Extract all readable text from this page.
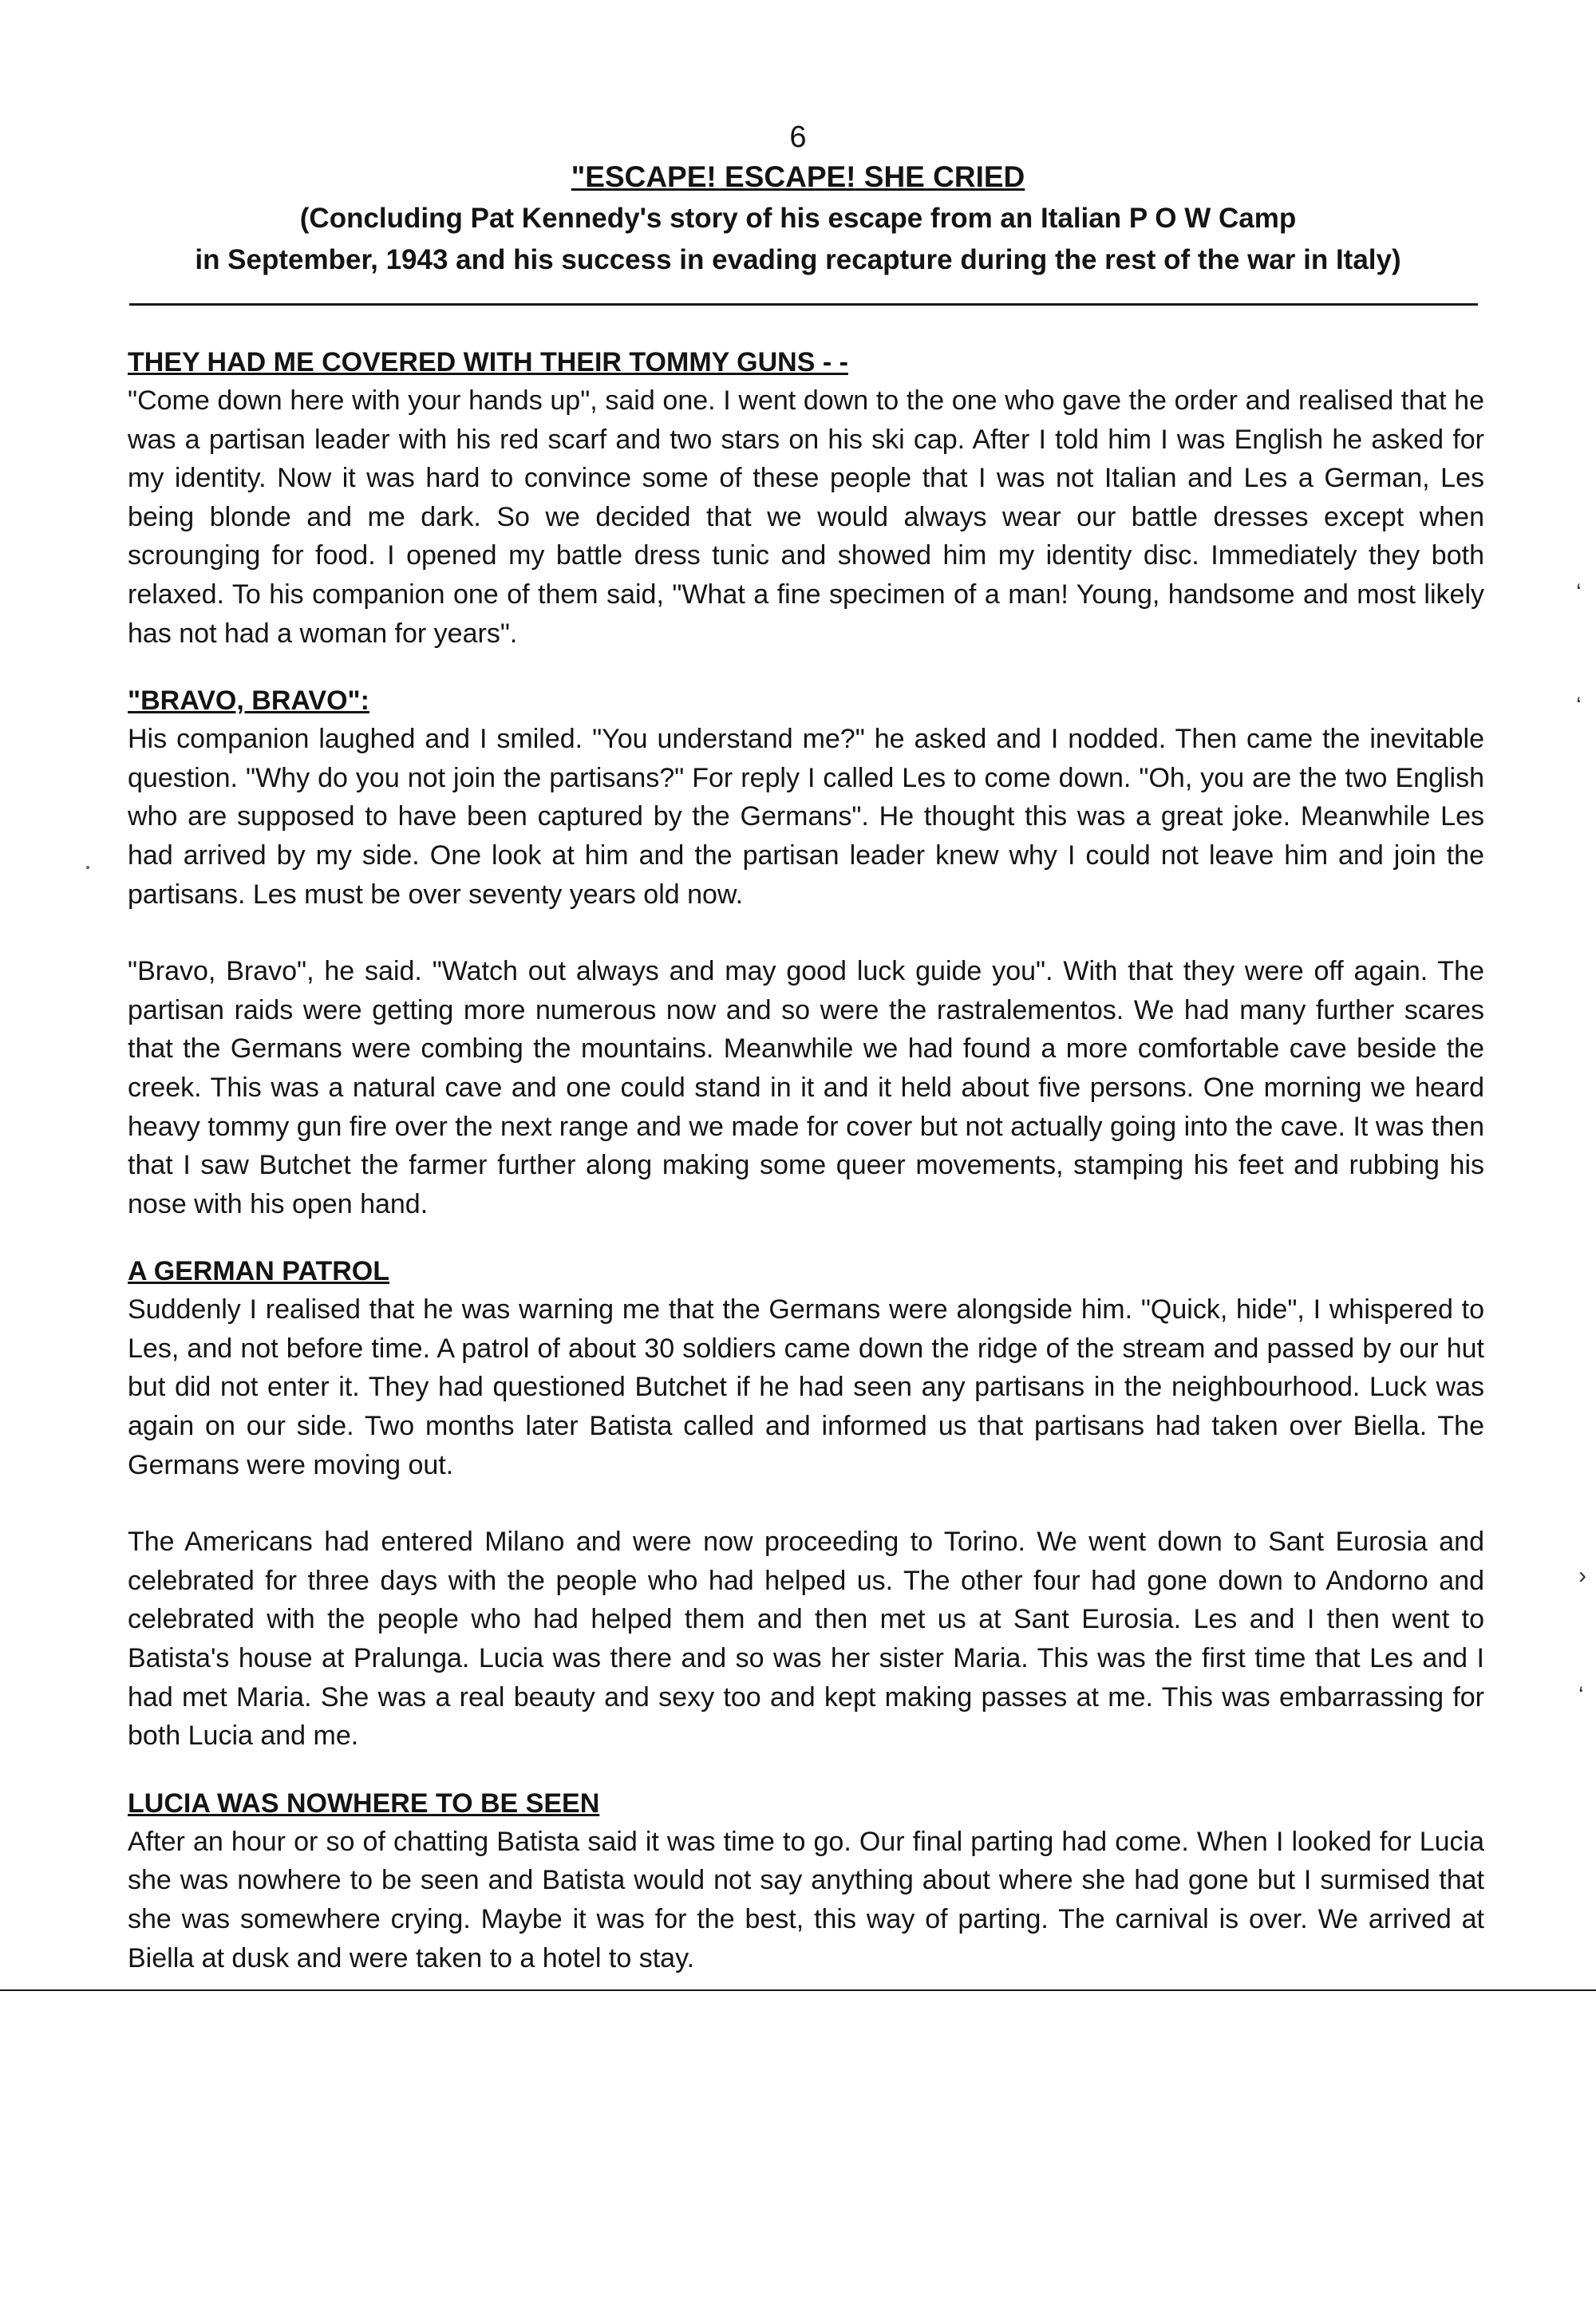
6
"ESCAPE! ESCAPE! SHE CRIED
(Concluding Pat Kennedy's story of his escape from an Italian P O W Camp
in September, 1943 and his success in evading recapture during the rest of the war in Italy)

THEY HAD ME COVERED WITH THEIR TOMMY GUNS - -

"Come down here with your hands up", said one. I went down to the one who gave the order and realised that he was a partisan leader with his red scarf and two stars on his ski cap. After I told him I was English he asked for my identity. Now it was hard to convince some of these people that I was not Italian and Les a German, Les being blonde and me dark. So we decided that we would always wear our battle dresses except when scrounging for food. I opened my battle dress tunic and showed him my identity disc. Immediately they both relaxed. To his companion one of them said, "What a fine specimen of a man! Young, handsome and most likely has not had a woman for years".

"BRAVO, BRAVO":

His companion laughed and I smiled. "You understand me?" he asked and I nodded. Then came the inevitable question. "Why do you not join the partisans?" For reply I called Les to come down. "Oh, you are the two English who are supposed to have been captured by the Germans". He thought this was a great joke. Meanwhile Les had arrived by my side. One look at him and the partisan leader knew why I could not leave him and join the partisans. Les must be over seventy years old now.

"Bravo, Bravo", he said. "Watch out always and may good luck guide you". With that they were off again. The partisan raids were getting more numerous now and so were the rastralementos. We had many further scares that the Germans were combing the mountains. Meanwhile we had found a more comfortable cave beside the creek. This was a natural cave and one could stand in it and it held about five persons. One morning we heard heavy tommy gun fire over the next range and we made for cover but not actually going into the cave. It was then that I saw Butchet the farmer further along making some queer movements, stamping his feet and rubbing his nose with his open hand.

A GERMAN PATROL

Suddenly I realised that he was warning me that the Germans were alongside him. "Quick, hide", I whispered to Les, and not before time. A patrol of about 30 soldiers came down the ridge of the stream and passed by our hut but did not enter it. They had questioned Butchet if he had seen any partisans in the neighbourhood. Luck was again on our side. Two months later Batista called and informed us that partisans had taken over Biella. The Germans were moving out.

The Americans had entered Milano and were now proceeding to Torino. We went down to Sant Eurosia and celebrated for three days with the people who had helped us. The other four had gone down to Andorno and celebrated with the people who had helped them and then met us at Sant Eurosia. Les and I then went to Batista's house at Pralunga. Lucia was there and so was her sister Maria. This was the first time that Les and I had met Maria. She was a real beauty and sexy too and kept making passes at me. This was embarrassing for both Lucia and me.

LUCIA WAS NOWHERE TO BE SEEN

After an hour or so of chatting Batista said it was time to go. Our final parting had come. When I looked for Lucia she was nowhere to be seen and Batista would not say anything about where she had gone but I surmised that she was somewhere crying. Maybe it was for the best, this way of parting. The carnival is over. We arrived at Biella at dusk and were taken to a hotel to stay.

‘
‘
›
‘
